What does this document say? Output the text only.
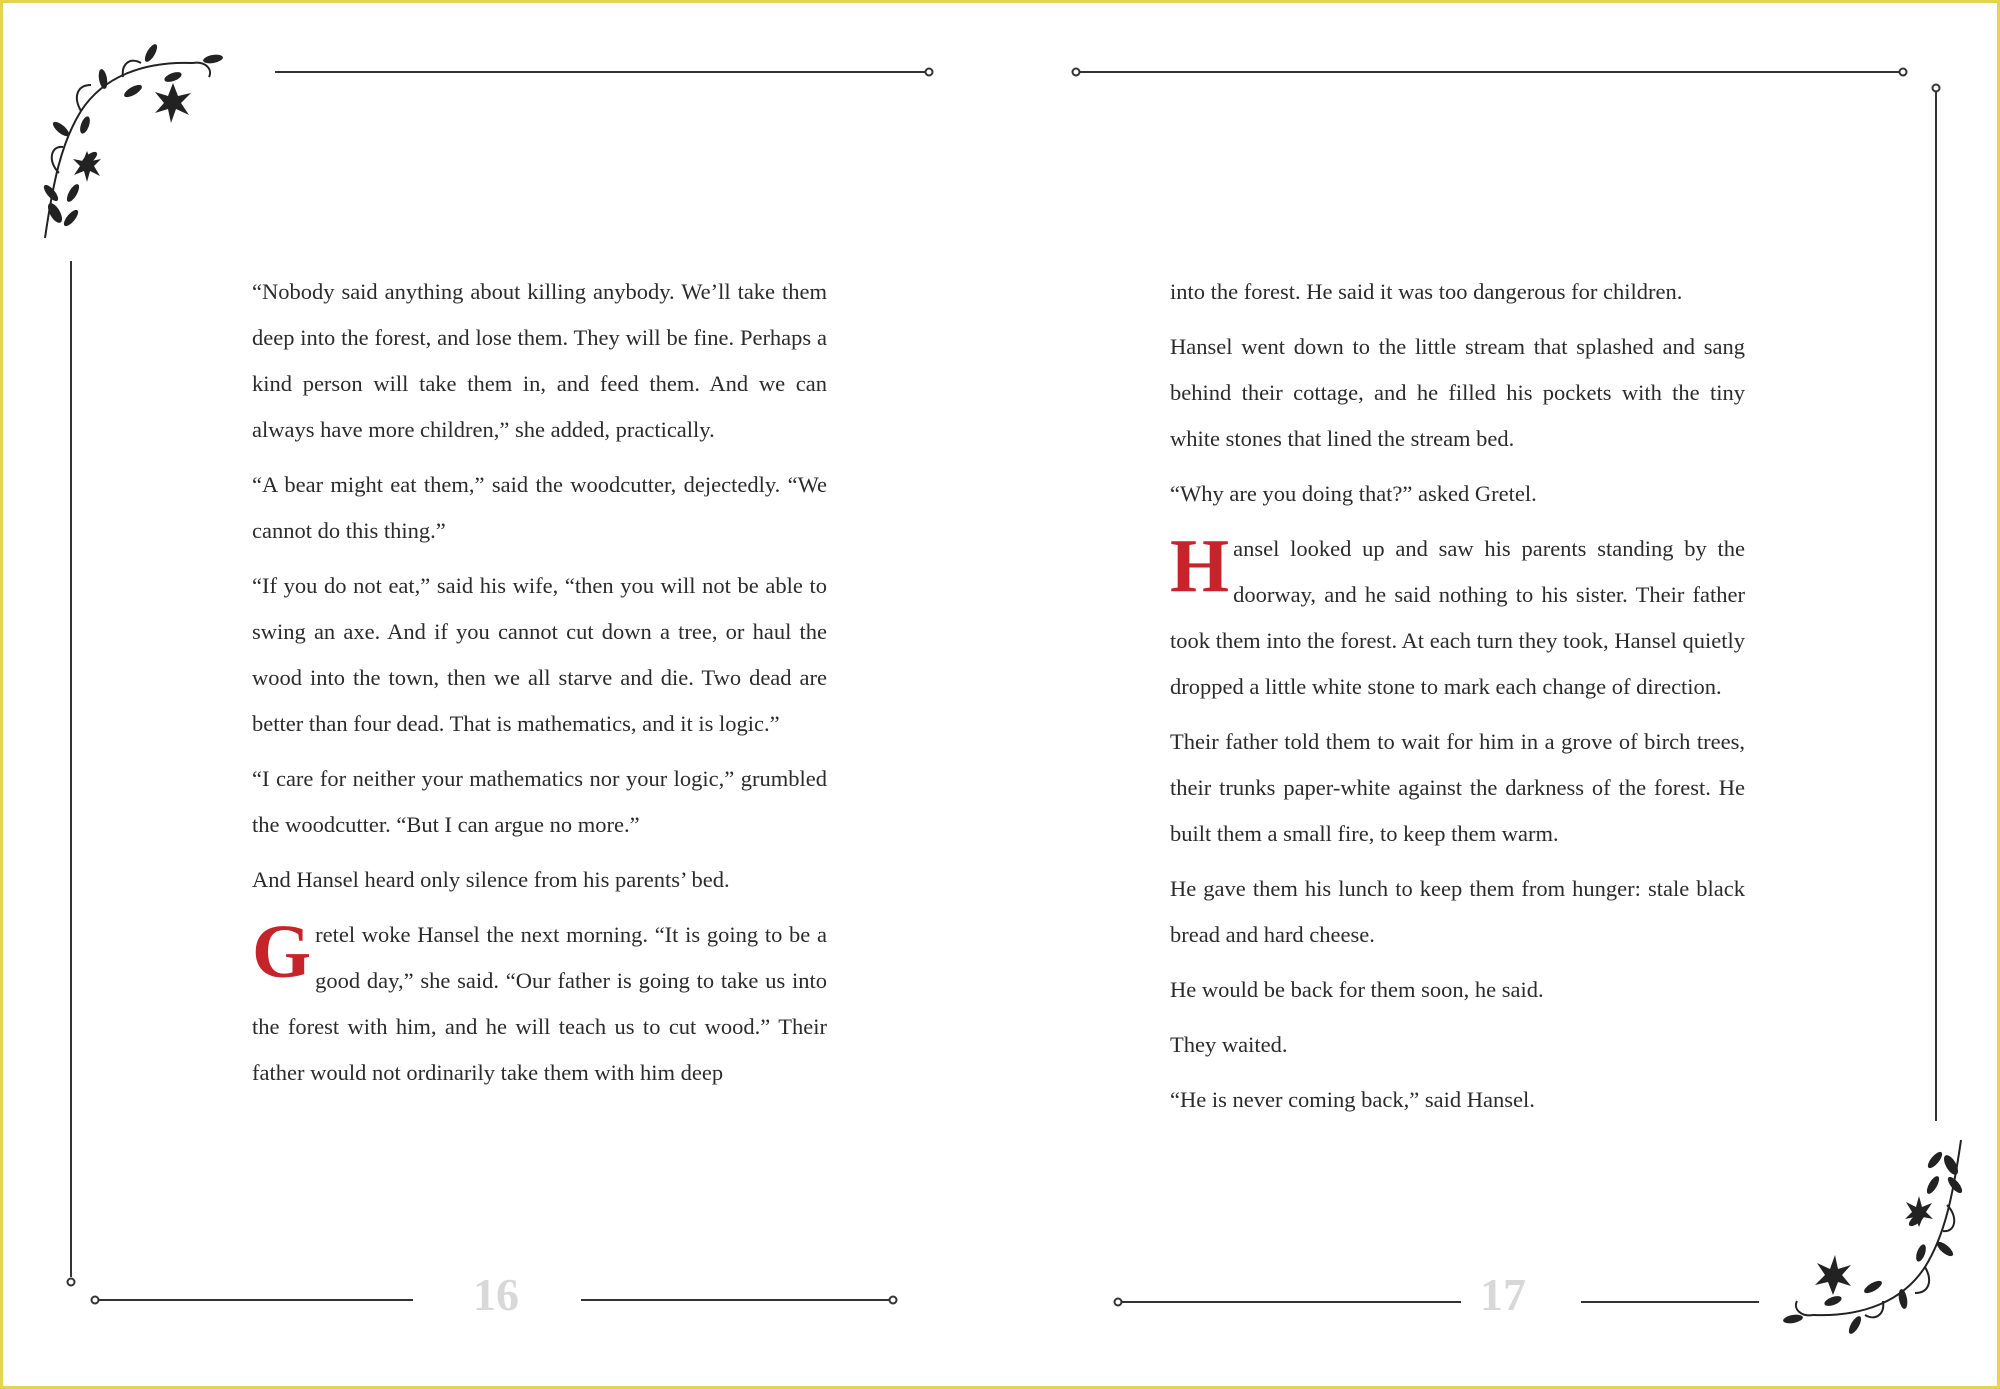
“Nobody said anything about killing anybody. We’ll take them deep into the forest, and lose them. They will be fine. Perhaps a kind person will take them in, and feed them. And we can always have more children,” she added, practically.

“A bear might eat them,” said the woodcutter, dejectedly. “We cannot do this thing.”

“If you do not eat,” said his wife, “then you will not be able to swing an axe. And if you cannot cut down a tree, or haul the wood into the town, then we all starve and die. Two dead are better than four dead. That is mathematics, and it is logic.”

“I care for neither your mathematics nor your logic,” grumbled the woodcutter. “But I can argue no more.”

And Hansel heard only silence from his parents’ bed.

Gretel woke Hansel the next morning. “It is going to be a good day,” she said. “Our father is going to take us into the forest with him, and he will teach us to cut wood.” Their father would not ordinarily take them with him deep

into the forest. He said it was too dangerous for children.

Hansel went down to the little stream that splashed and sang behind their cottage, and he filled his pockets with the tiny white stones that lined the stream bed.

“Why are you doing that?” asked Gretel.

Hansel looked up and saw his parents standing by the doorway, and he said nothing to his sister. Their father took them into the forest. At each turn they took, Hansel quietly dropped a little white stone to mark each change of direction.

Their father told them to wait for him in a grove of birch trees, their trunks paper-white against the darkness of the forest. He built them a small fire, to keep them warm.

He gave them his lunch to keep them from hunger: stale black bread and hard cheese.

He would be back for them soon, he said.

They waited.

“He is never coming back,” said Hansel.

16	17
